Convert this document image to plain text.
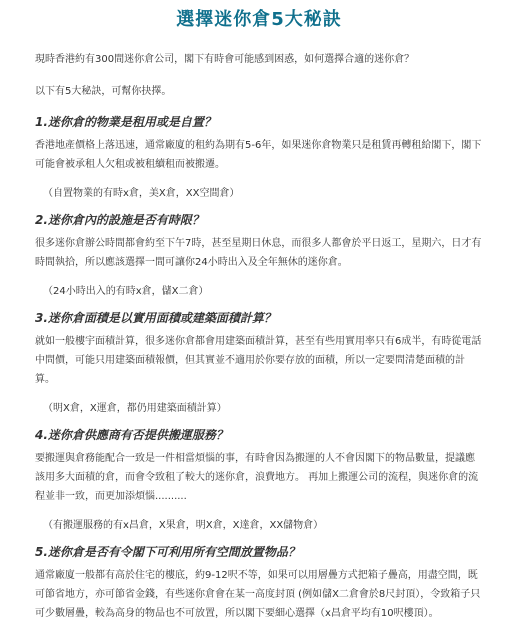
選擇迷你倉5大秘訣

現時香港約有300間迷你倉公司，閣下有時會可能感到困惑，如何選擇合適的迷你倉？

以下有5大秘訣，可幫你抉擇。

1.迷你倉的物業是租用或是自置？

香港地產價格上落迅速，通常廠廈的租約為期有5-6年，如果迷你倉物業只是租賃再轉租給閣下，閣下可能會被承租人欠租或被租續租而被搬遷。

（自置物業的有時x倉，美X倉，XX空間倉）

2.迷你倉內的設施是否有時限？

很多迷你倉辦公時間都會約至下午7時，甚至星期日休息，而很多人都會於平日返工，星期六，日才有時間執拾，所以應該選擇一間可讓你24小時出入及全年無休的迷你倉。

（24小時出入的有時x倉，儲X二倉）

3.迷你倉面積是以實用面積或建築面積計算？

就如一般樓宇面積計算，很多迷你倉都會用建築面積計算，甚至有些用實用率只有6成半，有時從電話中問價，可能只用建築面積報價，但其實並不適用於你要存放的面積，所以一定要問清楚面積的計算。

（明X倉，X運倉，都仍用建築面積計算）

4.迷你倉供應商有否提供搬運服務？

要搬運與倉務能配合一致是一件相當煩惱的事，有時會因為搬運的人不會因閣下的物品數量，提議應該用多大面積的倉，而會令致租了較大的迷你倉，浪費地方。 再加上搬運公司的流程，與迷你倉的流程並非一致，而更加添煩惱..........

（有搬運服務的有x昌倉，X果倉，明X倉，X達倉，XX儲物倉）

5.迷你倉是否有令閣下可利用所有空間放置物品？

通常廠廈一般都有高於住宅的樓底，約9-12呎不等，如果可以用層疊方式把箱子疊高，用盡空間，既可節省地方，亦可節省金錢，有些迷你倉會在某一高度封頂 (例如儲X二倉會於8尺封頂），令致箱子只可少數層疊，較為高身的物品也不可放置，所以閣下要細心選擇（x昌倉平均有10呎樓頂）。
